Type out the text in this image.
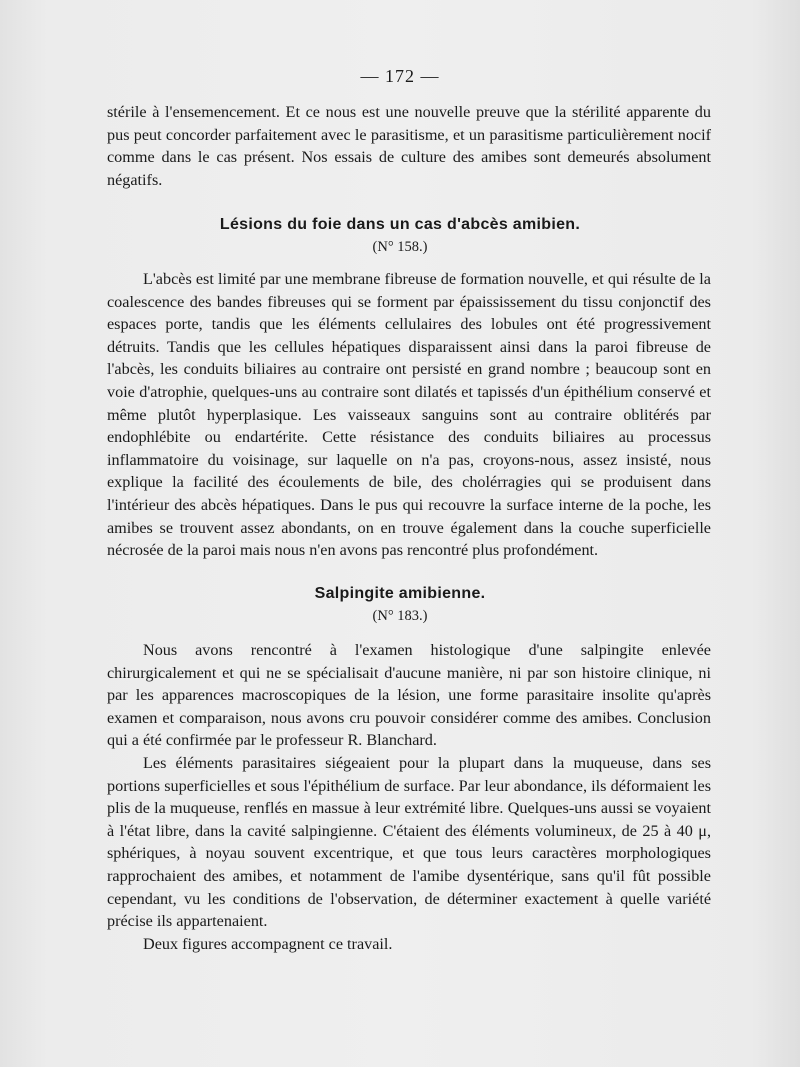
— 172 —

stérile à l'ensemencement. Et ce nous est une nouvelle preuve que la stérilité apparente du pus peut concorder parfaitement avec le parasitisme, et un parasitisme particulièrement nocif comme dans le cas présent. Nos essais de culture des amibes sont demeurés absolument négatifs.

Lésions du foie dans un cas d'abcès amibien.
(N° 158.)

L'abcès est limité par une membrane fibreuse de formation nouvelle, et qui résulte de la coalescence des bandes fibreuses qui se forment par épaississement du tissu conjonctif des espaces porte, tandis que les éléments cellulaires des lobules ont été progressivement détruits. Tandis que les cellules hépatiques disparaissent ainsi dans la paroi fibreuse de l'abcès, les conduits biliaires au contraire ont persisté en grand nombre ; beaucoup sont en voie d'atrophie, quelques-uns au contraire sont dilatés et tapissés d'un épithélium conservé et même plutôt hyperplasique. Les vaisseaux sanguins sont au contraire oblitérés par endophlébite ou endartérite. Cette résistance des conduits biliaires au processus inflammatoire du voisinage, sur laquelle on n'a pas, croyons-nous, assez insisté, nous explique la facilité des écoulements de bile, des cholérragies qui se produisent dans l'intérieur des abcès hépatiques. Dans le pus qui recouvre la surface interne de la poche, les amibes se trouvent assez abondants, on en trouve également dans la couche superficielle nécrosée de la paroi mais nous n'en avons pas rencontré plus profondément.

Salpingite amibienne.
(N° 183.)

Nous avons rencontré à l'examen histologique d'une salpingite enlevée chirurgicalement et qui ne se spécialisait d'aucune manière, ni par son histoire clinique, ni par les apparences macroscopiques de la lésion, une forme parasitaire insolite qu'après examen et comparaison, nous avons cru pouvoir considérer comme des amibes. Conclusion qui a été confirmée par le professeur R. Blanchard.

Les éléments parasitaires siégeaient pour la plupart dans la muqueuse, dans ses portions superficielles et sous l'épithélium de surface. Par leur abondance, ils déformaient les plis de la muqueuse, renflés en massue à leur extrémité libre. Quelques-uns aussi se voyaient à l'état libre, dans la cavité salpingienne. C'étaient des éléments volumineux, de 25 à 40 μ, sphériques, à noyau souvent excentrique, et que tous leurs caractères morphologiques rapprochaient des amibes, et notamment de l'amibe dysentérique, sans qu'il fût possible cependant, vu les conditions de l'observation, de déterminer exactement à quelle variété précise ils appartenaient.

Deux figures accompagnent ce travail.
